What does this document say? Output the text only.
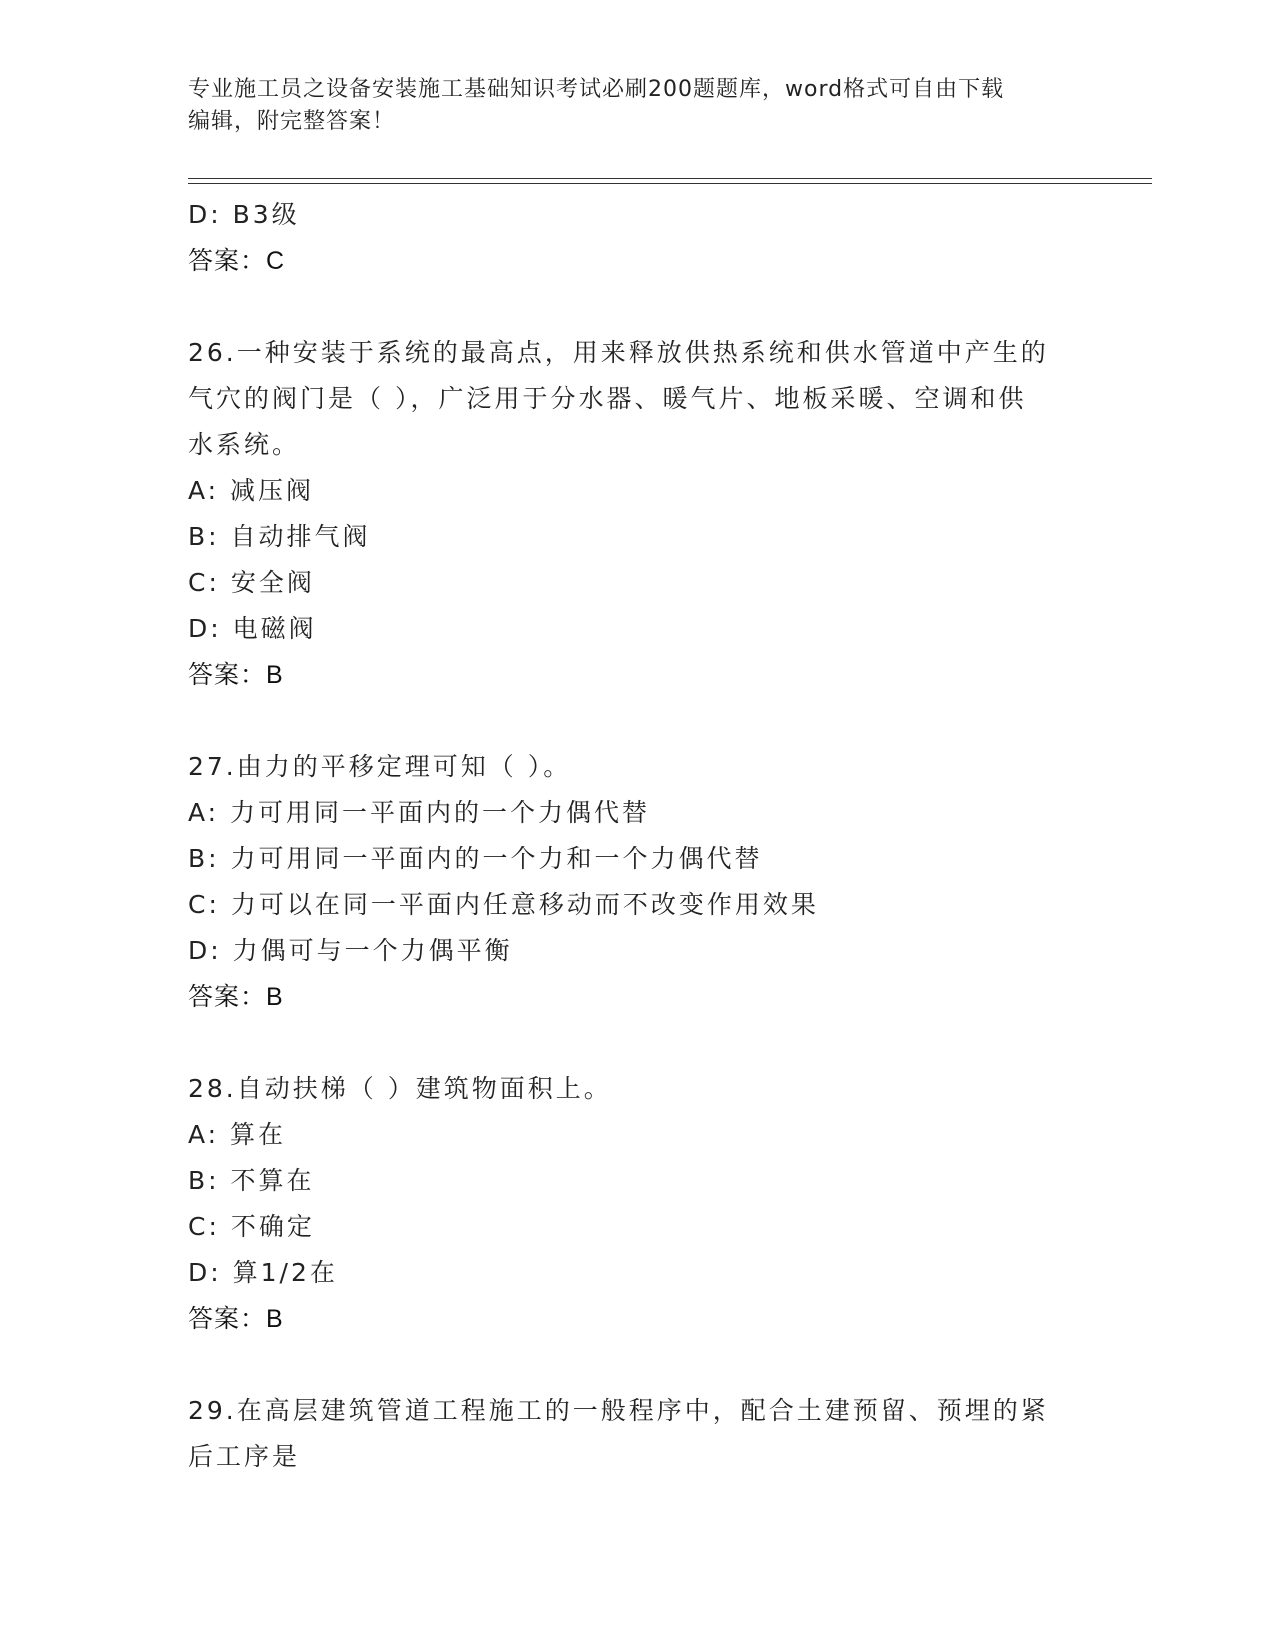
专业施工员之设备安装施工基础知识考试必刷200题题库，word格式可自由下载
编辑，附完整答案！
D: B3级
答案：C
26.一种安装于系统的最高点，用来释放供热系统和供水管道中产生的
气穴的阀门是（ ），广泛用于分水器、暖气片、地板采暖、空调和供
水系统。
A: 减压阀
B: 自动排气阀
C: 安全阀
D: 电磁阀
答案：B
27.由力的平移定理可知（ ）。
A: 力可用同一平面内的一个力偶代替
B: 力可用同一平面内的一个力和一个力偶代替
C: 力可以在同一平面内任意移动而不改变作用效果
D: 力偶可与一个力偶平衡
答案：B
28.自动扶梯（ ）建筑物面积上。
A: 算在
B: 不算在
C: 不确定
D: 算1/2在
答案：B
29.在高层建筑管道工程施工的一般程序中，配合土建预留、预埋的紧
后工序是
